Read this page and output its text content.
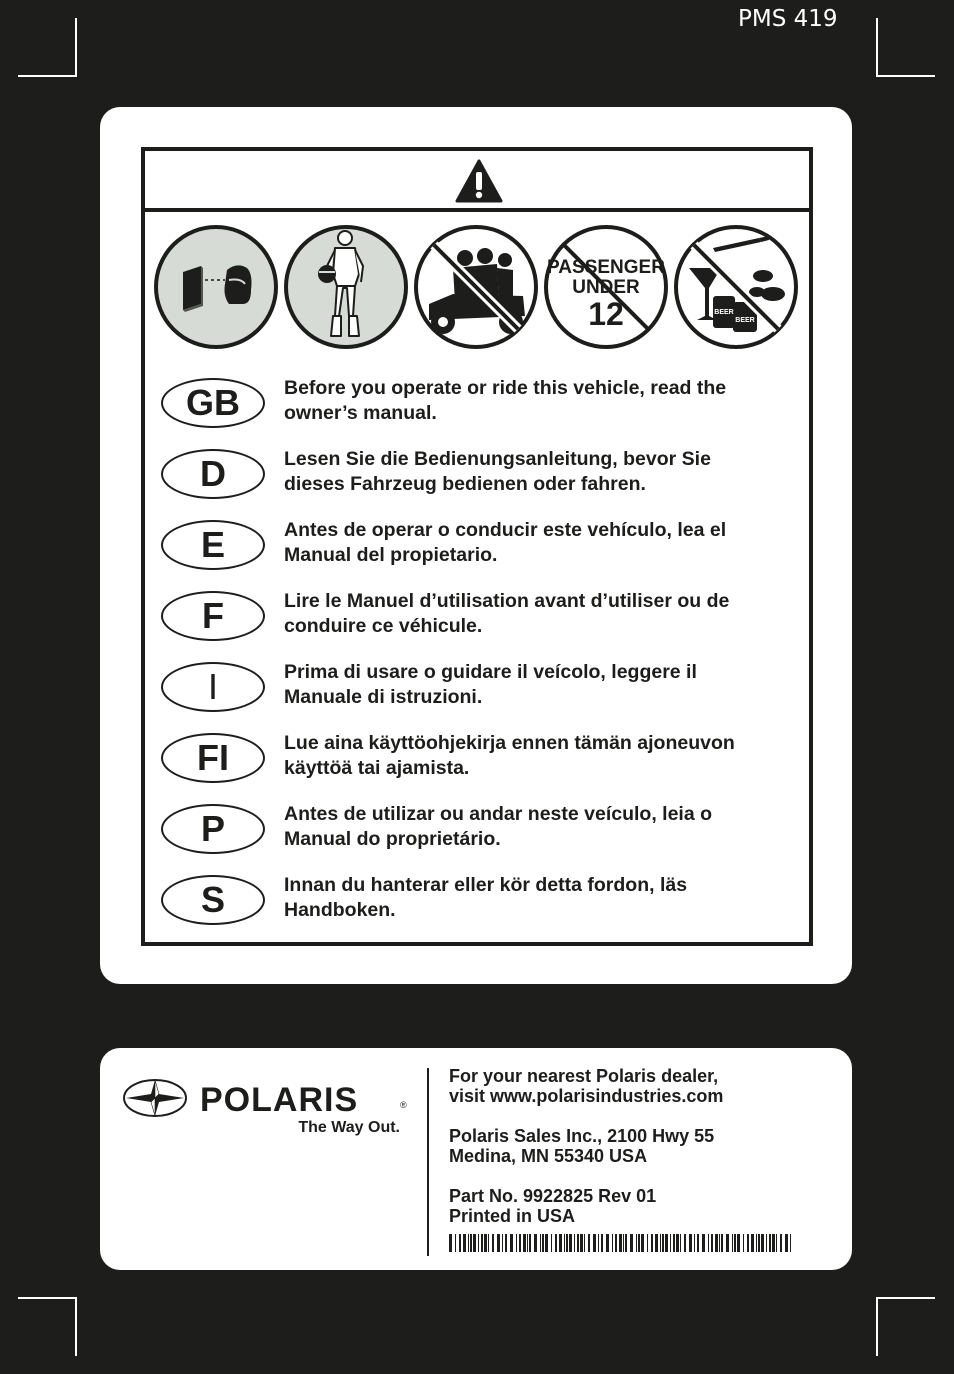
PMS 419
PASSENGER
UNDER
12	BEER
BEER
GB	Before you operate or ride this vehicle, read the
owner’s manual.
D	Lesen Sie die Bedienungsanleitung, bevor Sie
dieses Fahrzeug bedienen oder fahren.
E	Antes de operar o conducir este vehículo, lea el
Manual del propietario.
F	Lire le Manuel d’utilisation avant d’utiliser ou de
conduire ce véhicule.
I	Prima di usare o guidare il veícolo, leggere il
Manuale di istruzioni.
FI	Lue aina käyttöohjekirja ennen tämän ajoneuvon
käyttöä tai ajamista.
P	Antes de utilizar ou andar neste veículo, leia o
Manual do proprietário.
S	Innan du hanterar eller kör detta fordon, läs
Handboken.
POLARIS	®
The Way Out.

For your nearest Polaris dealer,
visit www.polarisindustries.com

Polaris Sales Inc., 2100 Hwy 55
Medina, MN 55340 USA

Part No. 9922825 Rev 01
Printed in USA
